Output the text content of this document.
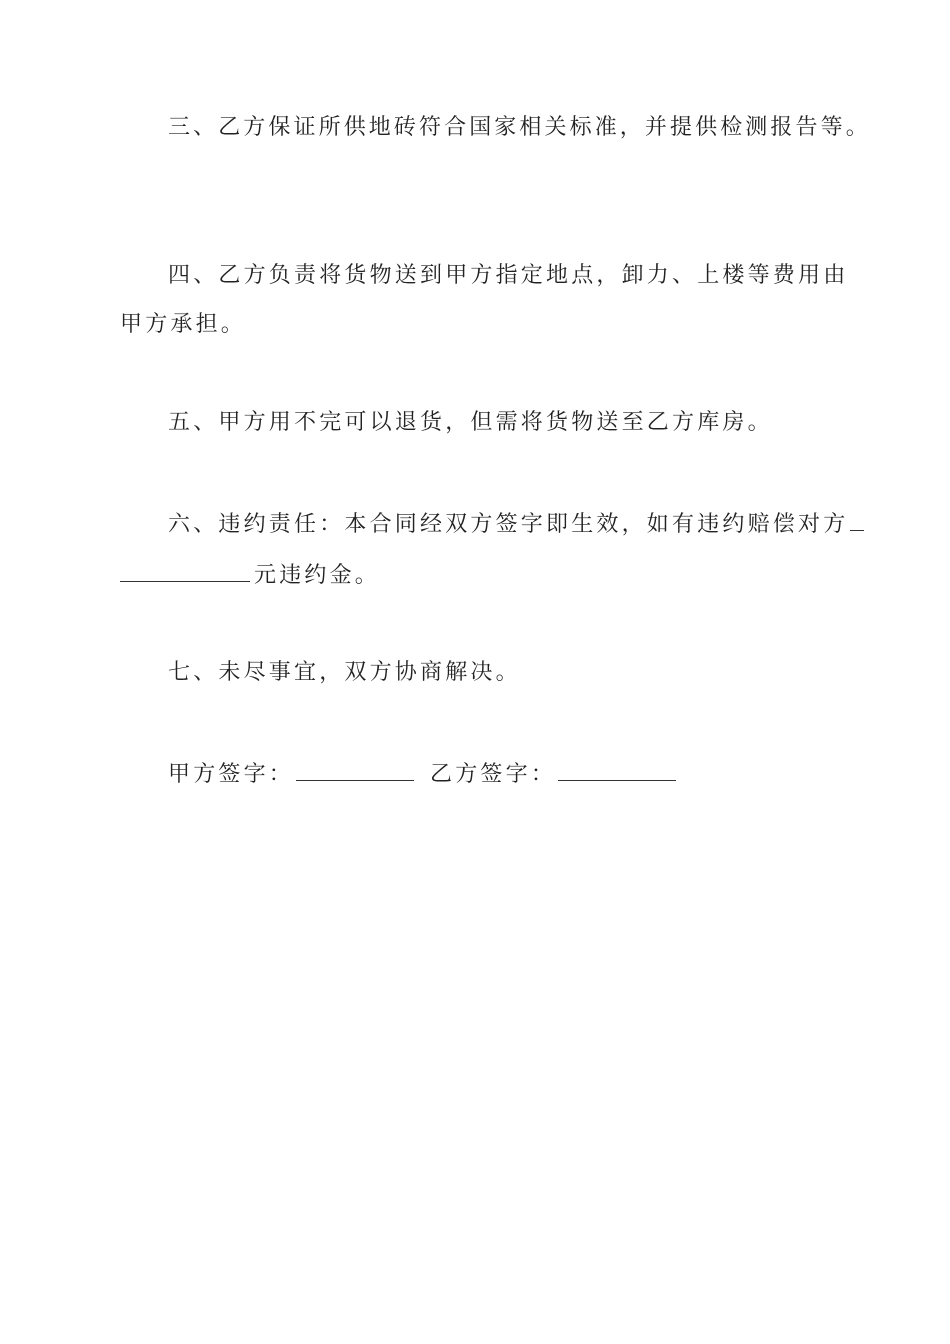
三、乙方保证所供地砖符合国家相关标准，并提供检测报告等。
四、乙方负责将货物送到甲方指定地点，卸力、上楼等费用由
甲方承担。
五、甲方用不完可以退货，但需将货物送至乙方库房。
六、违约责任：本合同经双方签字即生效，如有违约赔偿对方
元违约金。
七、未尽事宜，双方协商解决。
甲方签字：	乙方签字：
